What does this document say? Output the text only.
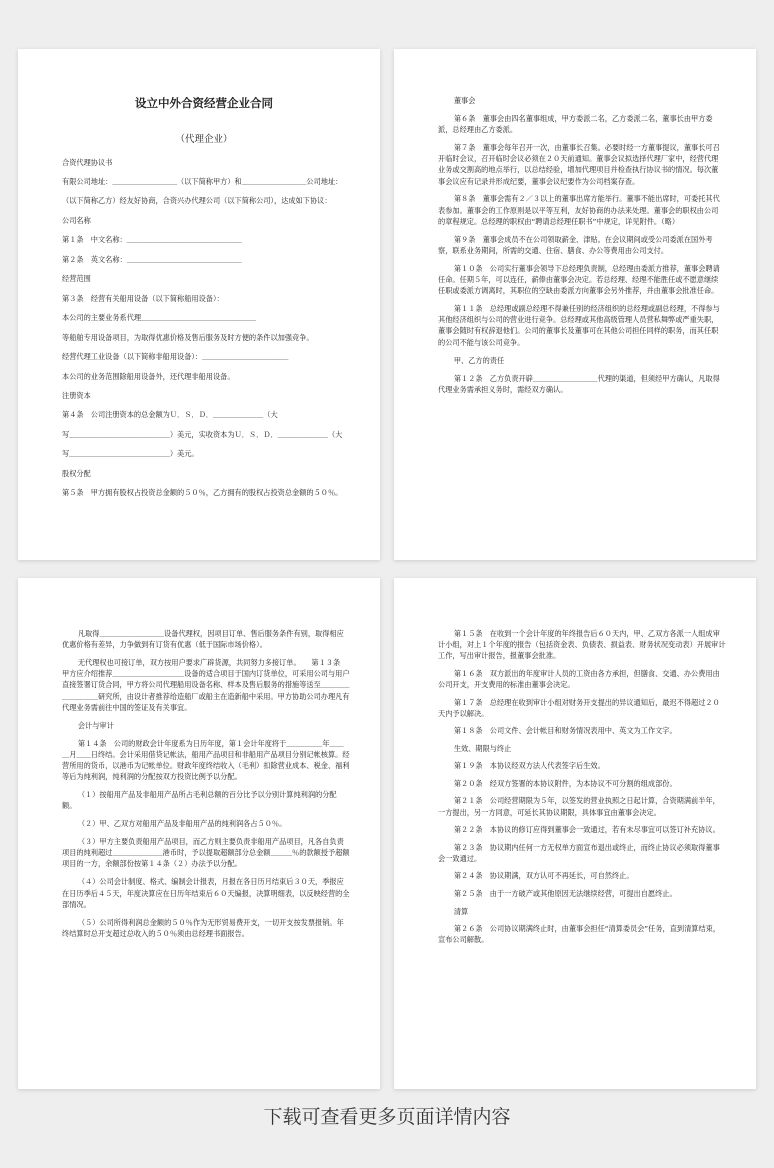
设立中外合资经营企业合同
（代理企业）
合资代理协议书
有限公司地址：＿＿＿＿＿＿＿＿＿（以下简称甲方）和＿＿＿＿＿＿＿＿＿公司地址：
（以下简称乙方）经友好协商，合资兴办代理公司（以下简称公司），达成如下协议：
公司名称
第１条　中文名称：＿＿＿＿＿＿＿＿＿＿＿＿＿＿＿＿
第２条　英文名称：＿＿＿＿＿＿＿＿＿＿＿＿＿＿＿＿
经营范围
第３条　经营有关船用设备（以下简称船用设备）：
本公司的主要业务系代理＿＿＿＿＿＿＿＿＿＿＿＿＿＿＿＿
等船舶专用设备项目，为取得优惠价格及售后服务及时方便的条件以加强竞争。
经营代理工业设备（以下简称非船用设备）：＿＿＿＿＿＿＿＿＿＿＿＿
本公司的业务范围除船用设备外，还代理非船用设备。
注册资本
第４条　公司注册资本的总金额为Ｕ．Ｓ．Ｄ．＿＿＿＿＿＿＿（大
写＿＿＿＿＿＿＿＿＿＿＿＿＿＿）美元，实收资本为Ｕ．Ｓ．Ｄ．＿＿＿＿＿＿＿（大
写＿＿＿＿＿＿＿＿＿＿＿＿＿＿）美元。
股权分配
第５条　甲方拥有股权占投资总金额的５０％，乙方拥有的股权占投资总金额的５０％。
董事会
第６条　董事会由四名董事组成，甲方委派二名，乙方委派二名，董事长由甲方委派，总经理由乙方委派。
第７条　董事会每年召开一次，由董事长召集。必要时经一方董事提议，董事长可召开临时会议，召开临时会议必须在２０天前通知。董事会议拟选择代理厂家中，经营代理业务或交割高的地点举行，以总结经验，增加代理项目并检查执行协议书的情况。每次董事会议应有记录并形成纪要，董事会议纪要作为公司档案存查。
第８条　董事会需有２／３以上的董事出席方能举行。董事不能出席时，可委托其代表参加。董事会的工作原则是以平等互利，友好协商的办法来处理。董事会的职权由公司的章程规定。总经理的职权由“聘请总经理任职书”中规定，详见附件。（略）
第９条　董事会成员不在公司领取薪金、津贴。在会议期间或受公司委派在国外考察，联系业务期间，所需的交通、住宿、膳食、办公等费用由公司支付。
第１０条　公司实行董事会领导下总经理负责制，总经理由委派方推荐，董事会聘请任命。任期５年，可以连任，薪俸由董事会决定。若总经理、经理不能胜任或不愿意继续任职或委派方调离时，其职位的空缺由委派方向董事会另外推荐，并由董事会批准任命。
第１１条　总经理或副总经理不得兼任别的经济组织的总经理或副总经理，不得参与其他经济组织与公司的营业进行竞争。总经理或其他高级管理人员营私舞弊或严重失职，董事会随时有权辞退他们。公司的董事长及董事可在其他公司担任同样的职务，而其任职的公司不能与该公司竞争。
甲、乙方的责任
第１２条　乙方负责开辟＿＿＿＿＿＿＿＿＿代理的渠道，但须经甲方确认，凡取得代理业务需承担义务时，需经双方确认。
凡取得＿＿＿＿＿＿＿＿＿设备代理权，因项目订单、售后服务条件有别，取得相应优惠价格有差异，力争做到有订货有优惠（低于国际市场价格）。
无代理权也可接订单，双方按用户要求广辟货源，共同努力多接订单。　　第１３条　甲方应介绍推荐＿＿＿＿＿＿＿＿＿＿设备的适合项目于国内订货单位，可采用公司与用户直接签署订货合同，甲方将公司代理船用设备名称、样本及售后服务的措施等送至＿＿＿＿＿＿＿＿＿研究所，由设计者推荐给造船厂或船主在造新船中采用。甲方协助公司办理凡有代理业务需前往中国的签证及有关事宜。
会计与审计
第１４条　公司的财政会计年度系为日历年度，第１会计年度将于＿＿＿＿＿年＿＿＿月＿＿日终结。会计采用借贷记帐法，船用产品项目和非船用产品项目分别记帐核算。经营所用的货币，以港币为记帐单位。财政年度终结收入（毛利）扣除营业成本、税金、福利等后为纯利润，纯利润的分配按双方投资比例予以分配。
（１）按船用产品及非船用产品所占毛利总额的百分比予以分别计算纯利润的分配额。
（２）甲、乙双方对船用产品及非船用产品的纯利润各占５０％。
（３）甲方主要负责船用产品项目，而乙方则主要负责非船用产品项目，凡各自负责项目的纯利超过＿＿＿＿＿＿＿港币时，予以提取超额部分总金额＿＿＿％的款额授予超额项目的一方，余额部份按第１４条（２）办法予以分配。
（４）公司会计制度、格式、编制会计报表，月报在各日历月结束后３０天，季报应在日历季后４５天，年度决算应在日历年结束后６０天编报，决算明细表，以反映经营的全部情况。
（５）公司所得利润总金额的５０％作为无形贸易费开支，一切开支按发票报销。年终结算时总开支超过总收入的５０％须由总经理书面报告。
第１５条　在收到一个会计年度的年终报告后６０天内，甲、乙双方各派一人组成审计小组，对上１个年度的报告（包括资金表、负债表、损益表、财务状况变动表）开展审计工作，写出审计报告，报董事会批准。
第１６条　双方派出的年度审计人员的工资由各方承担，但膳食、交通、办公费用由公司开支，开支费用的标准由董事会决定。
第１７条　总经理在收到审计小组对财务开支提出的异议通知后，最迟不得超过２０天内予以解决。
第１８条　公司文件、会计帐目和财务情况表用中、英文为工作文字。
生效、期限与终止
第１９条　本协议经双方法人代表签字后生效。
第２０条　经双方签署的本协议附件，为本协议不可分割的组成部份。
第２１条　公司经营期限为５年，以签发的营业执照之日起计算，合资期满前半年，一方提出，另一方同意，可延长其协议期限，具体事宜由董事会决定。
第２２条　本协议的修订应得到董事会一致通过，若有未尽事宜可以签订补充协议。
第２３条　协议期内任何一方无权单方面宣布退出或终止，而终止协议必须取得董事会一致通过。
第２４条　协议期满，双方认可不再延长，可自然终止。
第２５条　由于一方破产或其他原因无法继续经营，可提出自愿终止。
清算
第２６条　公司协议期满终止时，由董事会担任“清算委员会”任务，直到清算结束，宣布公司解散。
下载可查看更多页面详情内容
